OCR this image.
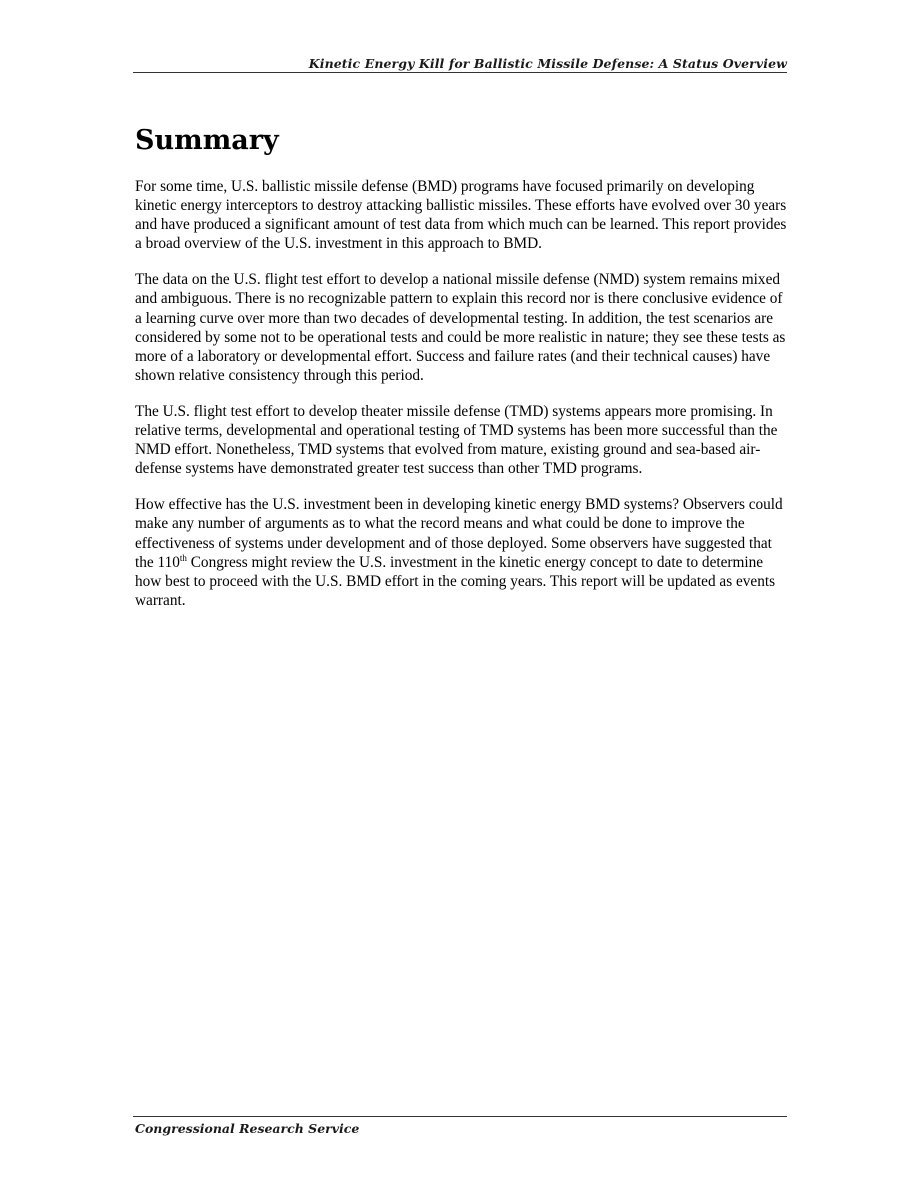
Kinetic Energy Kill for Ballistic Missile Defense: A Status Overview
Summary

For some time, U.S. ballistic missile defense (BMD) programs have focused primarily on developing kinetic energy interceptors to destroy attacking ballistic missiles. These efforts have evolved over 30 years and have produced a significant amount of test data from which much can be learned. This report provides a broad overview of the U.S. investment in this approach to BMD.

The data on the U.S. flight test effort to develop a national missile defense (NMD) system remains mixed and ambiguous. There is no recognizable pattern to explain this record nor is there conclusive evidence of a learning curve over more than two decades of developmental testing. In addition, the test scenarios are considered by some not to be operational tests and could be more realistic in nature; they see these tests as more of a laboratory or developmental effort. Success and failure rates (and their technical causes) have shown relative consistency through this period.

The U.S. flight test effort to develop theater missile defense (TMD) systems appears more promising. In relative terms, developmental and operational testing of TMD systems has been more successful than the NMD effort. Nonetheless, TMD systems that evolved from mature, existing ground and sea-based air-defense systems have demonstrated greater test success than other TMD programs.

How effective has the U.S. investment been in developing kinetic energy BMD systems? Observers could make any number of arguments as to what the record means and what could be done to improve the effectiveness of systems under development and of those deployed. Some observers have suggested that the 110th Congress might review the U.S. investment in the kinetic energy concept to date to determine how best to proceed with the U.S. BMD effort in the coming years. This report will be updated as events warrant.

Congressional Research Service
